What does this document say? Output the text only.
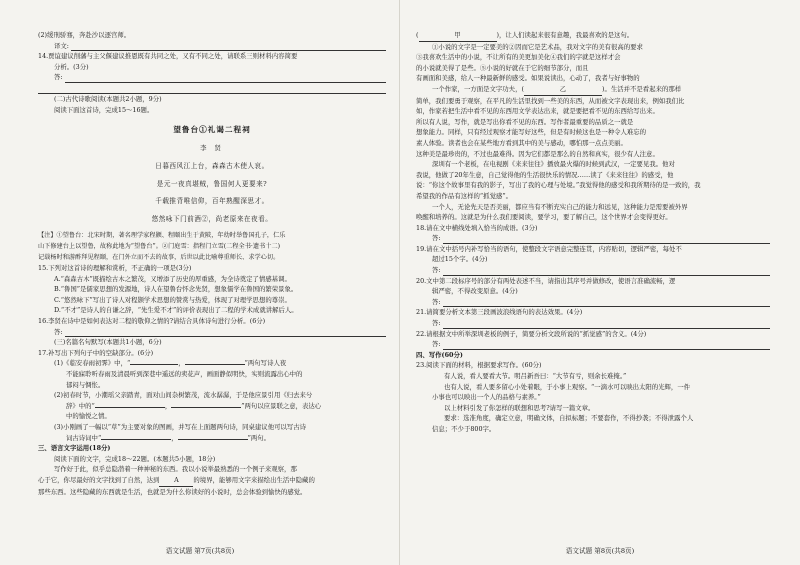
(2)缓刑骄骞，奔赴沙以逐宫师。

译文:

14.贾谊建议削藩与主父偃建议推恩既有共同之处，又有不同之处，请联系三则材料内容简要

分析。(3分)

答:

(二)古代诗歌阅读(本题共2小题，9分)

阅读下面这首诗，完成15～16题。

望鲁台①礼谒二程祠

李 贤

日暮西风江上台，森森古木使人哀。

是元一夜真堪贼，鲁国何人更要来?

千载推背唯信仰，百年熟醒深思才。

悠然咏下门前酒②，尚老原来在夜看。

【注】①望鲁台：北宋时期，著名理学家程颢、程颐出生于黄陂，年幼时举鲁国孔子，仁乐

山下修建台上以望鲁，故称此地为“望鲁台”。②门庭雪：指程门立雪(二程全书·遗书十二)

记载杨时和游酢拜见程颐，在门外立而不去的故事，后世以此比喻尊重师长、求学心切。

15.下列对这首诗的理解和赏析，不正确的一项是(3分)

A.“森森古木”既描绘古木之繁茂，又增添了历史的厚重感，为全诗奠定了情感基调。

B.“鲁国”是儒家思想的发源地，诗人在望鲁台怀念先贤，想象儒学在鲁国的繁荣景象。

C.“悠然咏下”写出了诗人对程颢学术思想的赞赏与热爱，体现了对理学思想的尊崇。

D.“不才”是诗人的自谦之辞，“先生爱不才”的评价表现出了二程的学术成就讲解后人。

16.李贤在诗中是如何表达对二程的敬仰之情的?请结合具体诗句进行分析。(6分)

答:

(三)名篇名句默写(本题共1小题，6分)

17.补写出下列句子中的空缺部分。(6分)

(1)《临安春雨初霁》中，“	，	”两句写诗人夜

不能寐聆听春雨及清晨听到深巷中遥远的卖花声，画面静似明快，实则流露出心中的

郁闷与惆怅。

(2)初春时节，小潮瑶父亲踏青，面对山间杂树繁茂，流水潺潺，于是他应景引用《归去来兮

辞》中的“	，	”两句以应景联之意，表达心

中的愉悦之情。

(3)小刚画了一幅以“草”为主要对象的图画，并写在上面题两句诗，同桌建议他可以写古诗

词古诗词中“	，	”两句。

三、语言文字运用(18分)

阅读下面的文字，完成18～22题。(本题共5小题，18分)

写作好于此，似乎总隐潜着一种神秘的东西。我以小说举最熟悉的一个例子来观察，那

心于它，你尽最好的文字找到了自然，达到 A 的境界，能够用文字来描绘出生活中隐藏的

那些东西。这些隐藏的东西就是生活，也就是为什么你读好的小说时，总会体验到愉快的感觉。

语文试题 第7页(共8页)

(	甲	)，让人们读起来很有意趣，我最喜欢的是这句。

①小说的文字是一定要美的②因而它是艺术品，我对文字的美有很高的要求

③我喜欢生活中的小说，不让所有的美更加美化④我们的字就是这样才会

的小说就美得了是些。⑤小说的好就在于它的细节部分，而且

有画面和美感，给人一种最新鲜的感受。如果说读出，心动了，我者与好事物的

一个作家，一方面是文字功夫，(	乙	)。生活并不是看起来的那样

简单，我们要勇于观察，在平凡的生活里找到一些美的东西，从而被文字表现出来，例如我们比

如，作家若把生活中看不见的东西用文学表达出来，就是要把看不见的东西给写出来。

所以有人说，写作，就是写出你看不见的东西。写作者最重要的品质之一就是

想象能力。同样，只有经过观察才能写好这些，但是有时候这也是一种令人难忘的

素人体验。读者也会在某些地方看到其中的美与感动，哪怕那一点点美丽。

这种美是最珍贵的，不过也最难得。因为它们都是那么的自然和真实，很少有人注意。

深圳有一个老板，在电视剧《来来往往》播放最火爆的时候到武汉，一定要见我。他对

我说，他做了20年生意，自己觉得他的生活很快乐的情况……读了《来来往往》的感受，他

说：“你这个故事里有我的影子，写出了我的心理与处境。”我觉得他的感受和我所期待的是一致的，我

希望我的作品有这样的“抓觉感”。

一个人，无论先天是否美丽，都应当有不断充实自己的能力和远见，这种能力是需要被外界

唤醒和培养的。这就是为什么我们要阅读，要学习，要了解自己，这个世界才会变得更好。

18.请在文中横线处填入恰当的成语。(3分)

答:

19.请在文中括号内补写恰当的语句，使整段文字语意完整连贯，内容贴切，逻辑严密，每处不

超过15个字。(4分)

答:

20.文中第二段标序号的部分有两处表述不当，请指出其序号并做修改，使语言准确流畅，逻

辑严密，不得改变原意。(4分)

答:

21.请简要分析文本第三段画波浪线语句的表达效果。(4分)

答:

22.请根据文中所举深圳老板的例子，简要分析文段所说的“抓觉感”的含义。(4分)

答:

四、写作(60分)

23.阅读下面的材料，根据要求写作。(60分)

有人说，看人要看大节。明吕新吾曰：“大节有亏，则余长难掩。”

也有人说，看人要多留心小处着眼，于小事上观察。“一滴水可以映出太阳的光辉，一件

小事也可以映出一个人的品格与素养。”

以上材料引发了你怎样的联想和思考?请写一篇文章。

要求：选准角度，确定立意，明确文体，自拟标题；不要套作，不得抄袭；不得泄露个人

信息；不少于800字。

语文试题 第8页(共8页)
